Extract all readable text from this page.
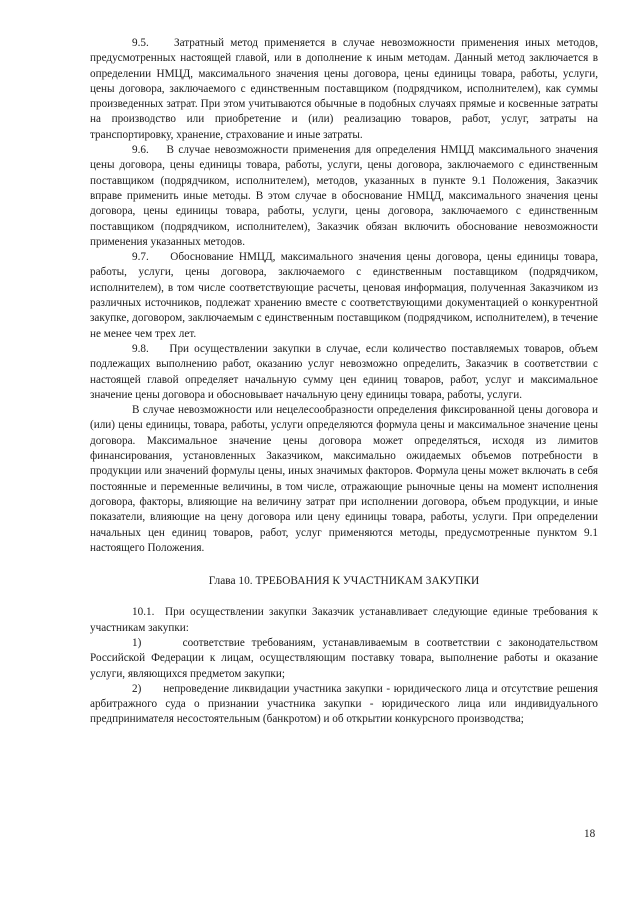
9.5.    Затратный метод применяется в случае невозможности применения иных методов, предусмотренных настоящей главой, или в дополнение к иным методам. Данный метод заключается в определении НМЦД, максимального значения цены договора, цены единицы товара, работы, услуги, цены договора, заключаемого с единственным поставщиком (подрядчиком, исполнителем), как суммы произведенных затрат. При этом учитываются обычные в подобных случаях прямые и косвенные затраты на производство или приобретение и (или) реализацию товаров, работ, услуг, затраты на транспортировку, хранение, страхование и иные затраты.

9.6.    В случае невозможности применения для определения НМЦД максимального значения цены договора, цены единицы товара, работы, услуги, цены договора, заключаемого с единственным поставщиком (подрядчиком, исполнителем), методов, указанных в пункте 9.1 Положения, Заказчик вправе применить иные методы. В этом случае в обоснование НМЦД, максимального значения цены договора, цены единицы товара, работы, услуги, цены договора, заключаемого с единственным поставщиком (подрядчиком, исполнителем), Заказчик обязан включить обоснование невозможности применения указанных методов.

9.7.    Обоснование НМЦД, максимального значения цены договора, цены единицы товара, работы, услуги, цены договора, заключаемого с единственным поставщиком (подрядчиком, исполнителем), в том числе соответствующие расчеты, ценовая информация, полученная Заказчиком из различных источников, подлежат хранению вместе с соответствующими документацией о конкурентной закупке, договором, заключаемым с единственным поставщиком (подрядчиком, исполнителем), в течение не менее чем трех лет.

9.8.    При осуществлении закупки в случае, если количество поставляемых товаров, объем подлежащих выполнению работ, оказанию услуг невозможно определить, Заказчик в соответствии с настоящей главой определяет начальную сумму цен единиц товаров, работ, услуг и максимальное значение цены договора и обосновывает начальную цену единицы товара, работы, услуги.

В случае невозможности или нецелесообразности определения фиксированной цены договора и (или) цены единицы, товара, работы, услуги определяются формула цены и максимальное значение цены договора. Максимальное значение цены договора может определяться, исходя из лимитов финансирования, установленных Заказчиком, максимально ожидаемых объемов потребности в продукции или значений формулы цены, иных значимых факторов. Формула цены может включать в себя постоянные и переменные величины, в том числе, отражающие рыночные цены на момент исполнения договора, факторы, влияющие на величину затрат при исполнении договора, объем продукции, и иные показатели, влияющие на цену договора или цену единицы товара, работы, услуги. При определении начальных цен единиц товаров, работ, услуг применяются методы, предусмотренные пунктом 9.1 настоящего Положения.

Глава 10. ТРЕБОВАНИЯ К УЧАСТНИКАМ ЗАКУПКИ

10.1.  При осуществлении закупки Заказчик устанавливает следующие единые требования к участникам закупки:

1)      соответствие требованиям, устанавливаемым в соответствии с законодательством Российской Федерации к лицам, осуществляющим поставку товара, выполнение работы и оказание услуги, являющихся предметом закупки;

2)      непроведение ликвидации участника закупки - юридического лица и отсутствие решения арбитражного суда о признании участника закупки - юридического лица или индивидуального предпринимателя несостоятельным (банкротом) и об открытии конкурсного производства;

18
